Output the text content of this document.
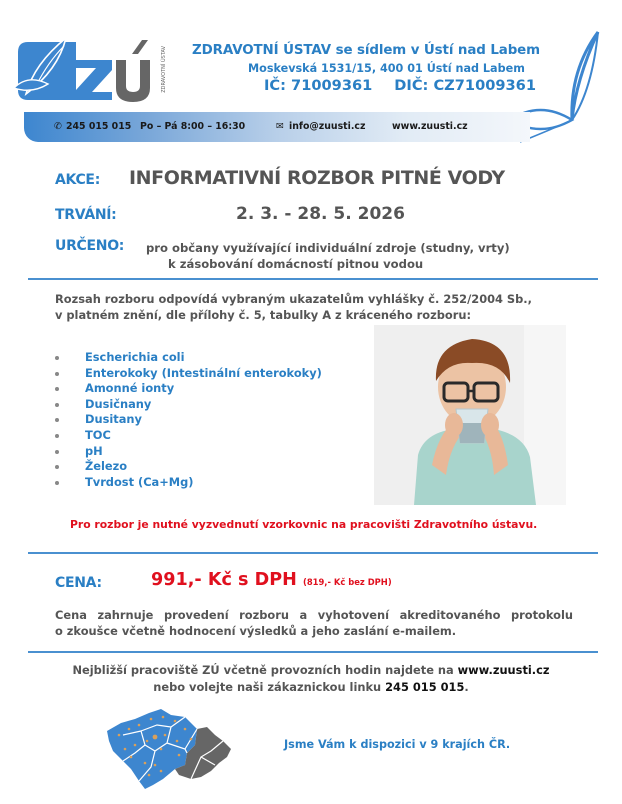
ZDRAVOTNÍ ÚSTAV ZDRAVOTNÍ ÚSTAV se sídlem v Ústí nad Labem
Moskevská 1531/15, 400 01 Ústí nad Labem
IČ: 71009361 DIČ: CZ71009361
✆ 245 015 015 Po – Pá 8:00 – 16:30	✉ info@zuusti.cz	www.zuusti.cz
AKCE: INFORMATIVNÍ ROZBOR PITNÉ VODY
TRVÁNÍ:	2. 3. - 28. 5. 2026
URČENO: pro občany využívající individuální zdroje (studny, vrty)
k zásobování domácností pitnou vodou
Rozsah rozboru odpovídá vybraným ukazatelům vyhlášky č. 252/2004 Sb.,
v platném znění, dle přílohy č. 5, tabulky A z kráceného rozboru:
Escherichia coli
Enterokoky (Intestinální enterokoky)
Amonné ionty
Dusičnany
Dusitany
TOC
pH
Železo
Tvrdost (Ca+Mg)
Pro rozbor je nutné vyzvednutí vzorkovnic na pracovišti Zdravotního ústavu.
CENA:	991,- Kč s DPH (819,- Kč bez DPH)
Cena zahrnuje provedení rozboru a vyhotovení akreditovaného protokolu
o zkoušce včetně hodnocení výsledků a jeho zaslání e-mailem.
Nejbližší pracoviště ZÚ včetně provozních hodin najdete na www.zuusti.cz
nebo volejte naši zákaznickou linku 245 015 015.
Jsme Vám k dispozici v 9 krajích ČR.
